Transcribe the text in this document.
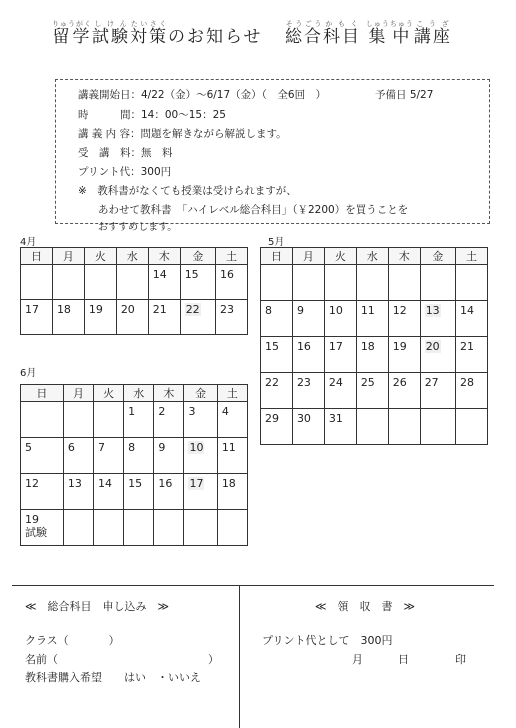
留学りゅうがく試験しけん対策たいさくのお知らせ 総合そうごう科目かもく 集中しゅうちゅう講座こうざ
講義開始日：4/22（金）〜6/17（金）（　全6回　）	予備日 5/27
時　　　間：14：00〜15：25
講 義 内 容：問題を解きながら解説します。
受　講　料：無　料
プリント代：300円
※　教科書がなくても授業は受けられますが、
あわせて教科書　「ハイレベル総合科目」（￥2200）を買うことを
おすすめします。
4月	5月
6月
日	月	火	水	木	金	土

				14	15	16

17	18	19	20	21	22	23
日	月	火	水	木	金	土

8	9	10	11	12	13	14

15	16	17	18	19	20	21

22	23	24	25	26	27	28

29	30	31				

日	月	火	水	木	金	土

			1	2	3	4

5	6	7	8	9	10	11

12	13	14	15	16	17	18

19
試験						

≪　総合科目　申し込み　≫
クラス（	）
名前（	）
教科書購入希望 はい　・いいえ
≪　領　収　書　≫
プリント代として　300円
月	日	印
